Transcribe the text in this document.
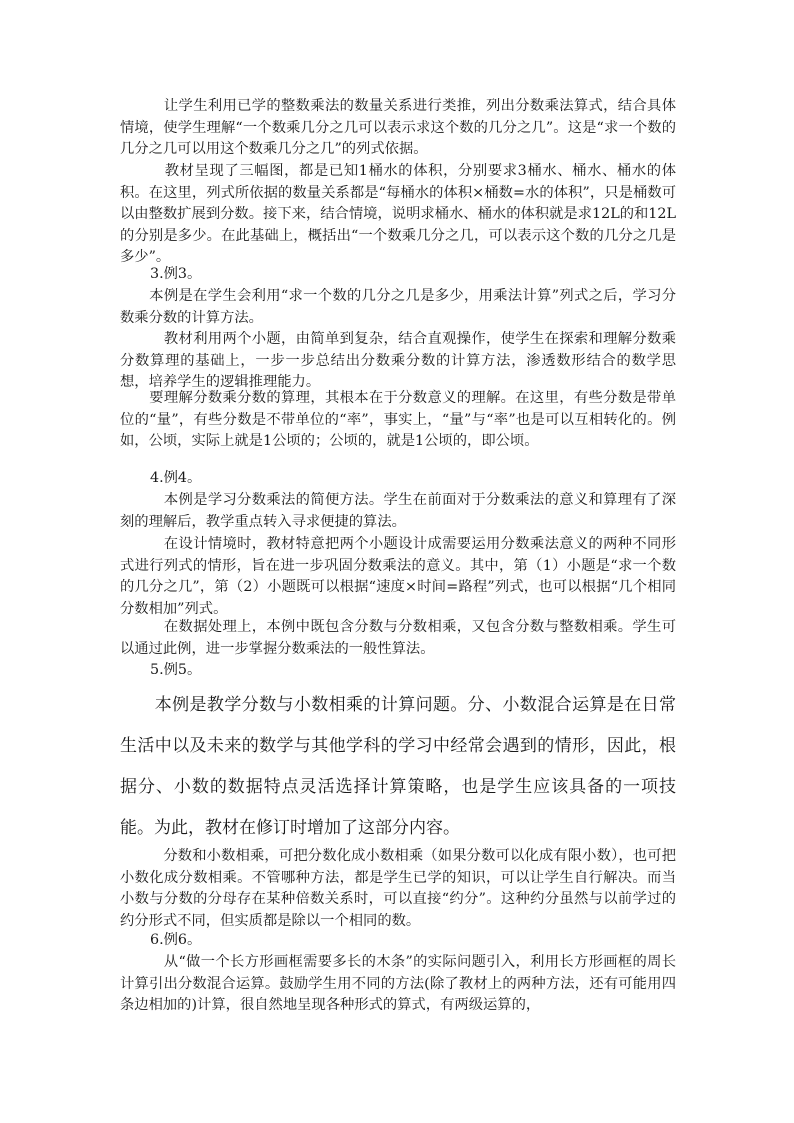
　　　让学生利用已学的整数乘法的数量关系进行类推，列出分数乘法算式，结合具体情境，使学生理解“一个数乘几分之几可以表示求这个数的几分之几”。这是“求一个数的几分之几可以用这个数乘几分之几”的列式依据。

　　　教材呈现了三幅图，都是已知1桶水的体积，分别要求3桶水、桶水、桶水的体积。在这里，列式所依据的数量关系都是“每桶水的体积×桶数=水的体积”，只是桶数可以由整数扩展到分数。接下来，结合情境，说明求桶水、桶水的体积就是求12L的和12L的分别是多少。在此基础上，概括出“一个数乘几分之几，可以表示这个数的几分之几是多少”。

3.例3。

　　本例是在学生会利用“求一个数的几分之几是多少，用乘法计算”列式之后，学习分数乘分数的计算方法。

　　　教材利用两个小题，由简单到复杂，结合直观操作，使学生在探索和理解分数乘分数算理的基础上，一步一步总结出分数乘分数的计算方法，渗透数形结合的数学思想，培养学生的逻辑推理能力。

　　要理解分数乘分数的算理，其根本在于分数意义的理解。在这里，有些分数是带单位的“量”，有些分数是不带单位的“率”，事实上，“量”与“率”也是可以互相转化的。例如，公顷，实际上就是1公顷的；公顷的，就是1公顷的，即公顷。

4.例4。

　　　本例是学习分数乘法的简便方法。学生在前面对于分数乘法的意义和算理有了深刻的理解后，教学重点转入寻求便捷的算法。

　　　在设计情境时，教材特意把两个小题设计成需要运用分数乘法意义的两种不同形式进行列式的情形，旨在进一步巩固分数乘法的意义。其中，第（1）小题是“求一个数的几分之几”，第（2）小题既可以根据“速度×时间=路程”列式，也可以根据“几个相同分数相加”列式。

　　　在数据处理上，本例中既包含分数与分数相乘，又包含分数与整数相乘。学生可以通过此例，进一步掌握分数乘法的一般性算法。

5.例5。

　　本例是教学分数与小数相乘的计算问题。分、小数混合运算是在日常生活中以及未来的数学与其他学科的学习中经常会遇到的情形，因此，根据分、小数的数据特点灵活选择计算策略，也是学生应该具备的一项技能。为此，教材在修订时增加了这部分内容。

　　　分数和小数相乘，可把分数化成小数相乘（如果分数可以化成有限小数），也可把小数化成分数相乘。不管哪种方法，都是学生已学的知识，可以让学生自行解决。而当小数与分数的分母存在某种倍数关系时，可以直接“约分”。这种约分虽然与以前学过的约分形式不同，但实质都是除以一个相同的数。

6.例6。

　　　从“做一个长方形画框需要多长的木条”的实际问题引入，利用长方形画框的周长计算引出分数混合运算。鼓励学生用不同的方法(除了教材上的两种方法，还有可能用四条边相加的)计算，很自然地呈现各种形式的算式，有两级运算的，
